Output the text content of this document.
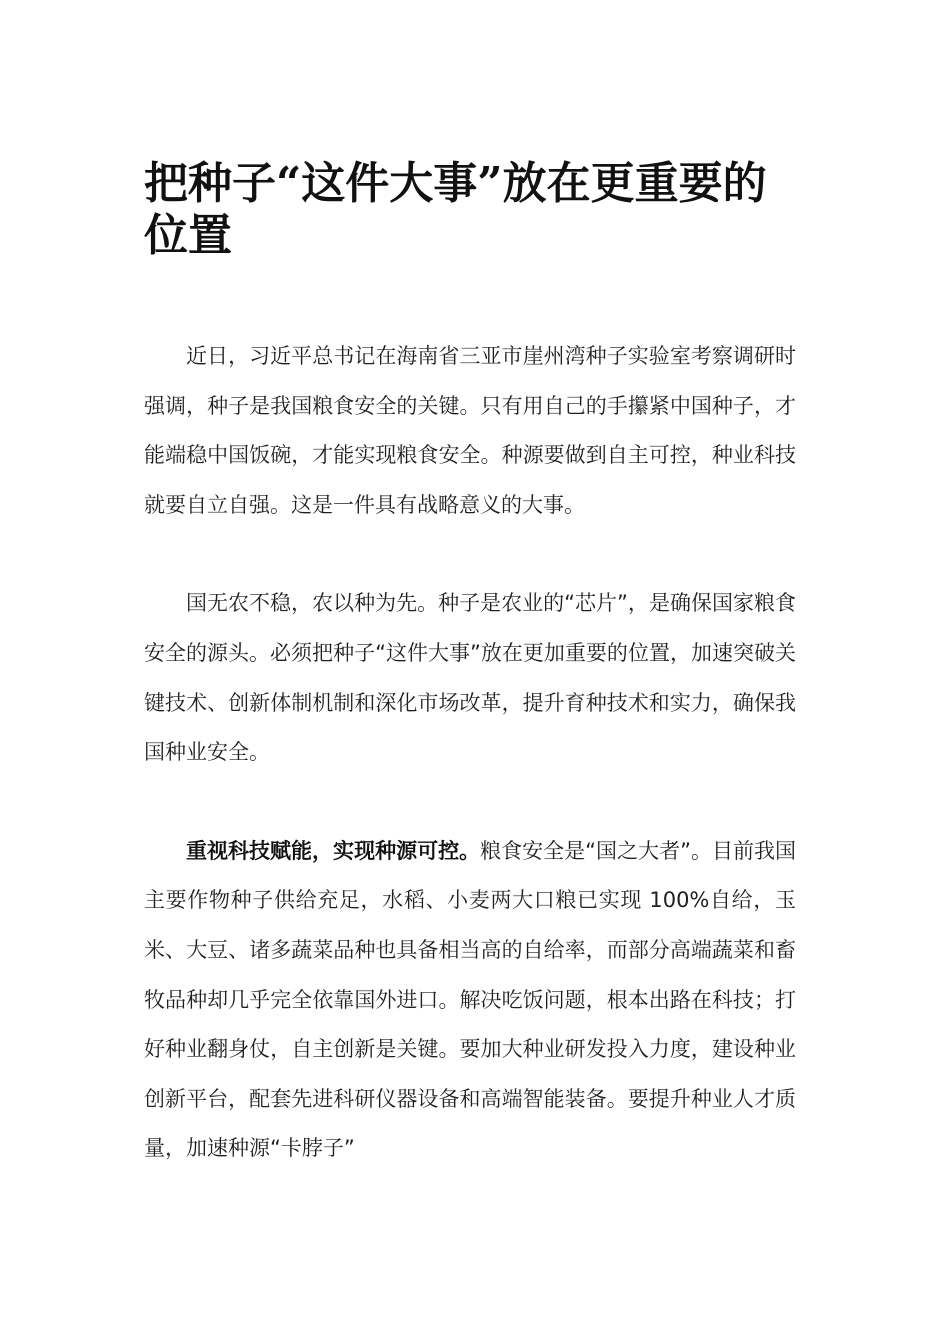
把种子“这件大事”放在更重要的位置

近日，习近平总书记在海南省三亚市崖州湾种子实验室考察调研时强调，种子是我国粮食安全的关键。只有用自己的手攥紧中国种子，才能端稳中国饭碗，才能实现粮食安全。种源要做到自主可控，种业科技就要自立自强。这是一件具有战略意义的大事。

国无农不稳，农以种为先。种子是农业的“芯片”，是确保国家粮食安全的源头。必须把种子“这件大事”放在更加重要的位置，加速突破关键技术、创新体制机制和深化市场改革，提升育种技术和实力，确保我国种业安全。

重视科技赋能，实现种源可控。粮食安全是“国之大者”。目前我国主要作物种子供给充足，水稻、小麦两大口粮已实现 100%自给，玉米、大豆、诸多蔬菜品种也具备相当高的自给率，而部分高端蔬菜和畜牧品种却几乎完全依靠国外进口。解决吃饭问题，根本出路在科技；打好种业翻身仗，自主创新是关键。要加大种业研发投入力度，建设种业创新平台，配套先进科研仪器设备和高端智能装备。要提升种业人才质量，加速种源“卡脖子”
